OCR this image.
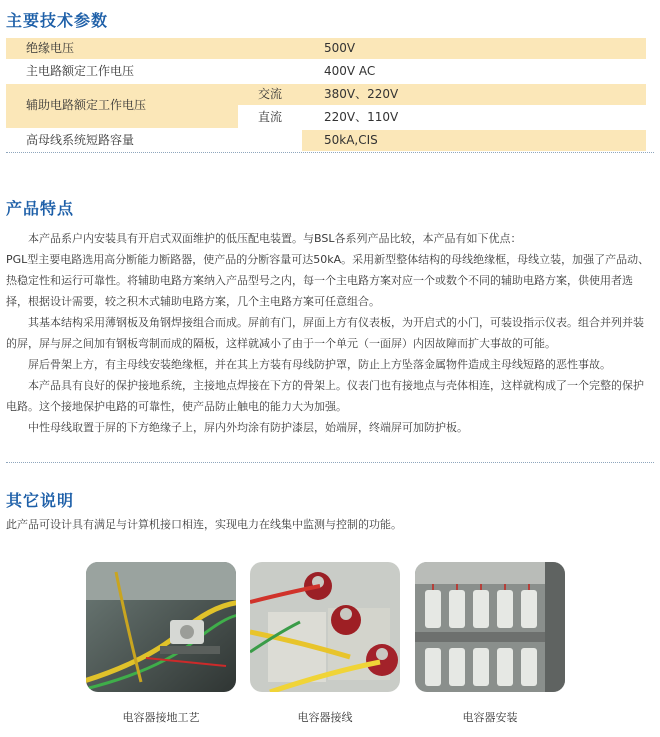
主要技术参数
绝缘电压	500V
主电路额定工作电压	400V AC
辅助电路额定工作电压
交流	380V、220V
直流	220V、110V
高母线系统短路容量	50kA,CIS
产品特点

本产品系户内安装具有开启式双面维护的低压配电装置。与BSL各系列产品比较，本产品有如下优点：

PGL型主要电路选用高分断能力断路器，使产品的分断容量可达50kA。采用新型整体结构的母线绝缘框，母线立装，加强了产品动、热稳定性和运行可靠性。将辅助电路方案纳入产品型号之内，每一个主电路方案对应一个或数个不同的辅助电路方案，供使用者选择，根据设计需要，较之积木式辅助电路方案，几个主电路方案可任意组合。

其基本结构采用薄钢板及角钢焊接组合而成。屏前有门，屏面上方有仪表板，为开启式的小门，可装设指示仪表。组合并列并装的屏，屏与屏之间加有钢板弯制而成的隔板，这样就减小了由于一个单元（一面屏）内因故障而扩大事故的可能。

屏后骨架上方，有主母线安装绝缘框，并在其上方装有母线防护罩，防止上方坠落金属物件造成主母线短路的恶性事故。

本产品具有良好的保护接地系统，主接地点焊接在下方的骨架上。仪表门也有接地点与壳体相连，这样就构成了一个完整的保护电路。这个接地保护电路的可靠性，使产品防止触电的能力大为加强。

中性母线取置于屏的下方绝缘子上，屏内外均涂有防护漆层，始端屏，终端屏可加防护板。

其它说明

此产品可设计具有满足与计算机接口相连，实现电力在线集中监测与控制的功能。

电容器接地工艺	电容器接线	电容器安装
